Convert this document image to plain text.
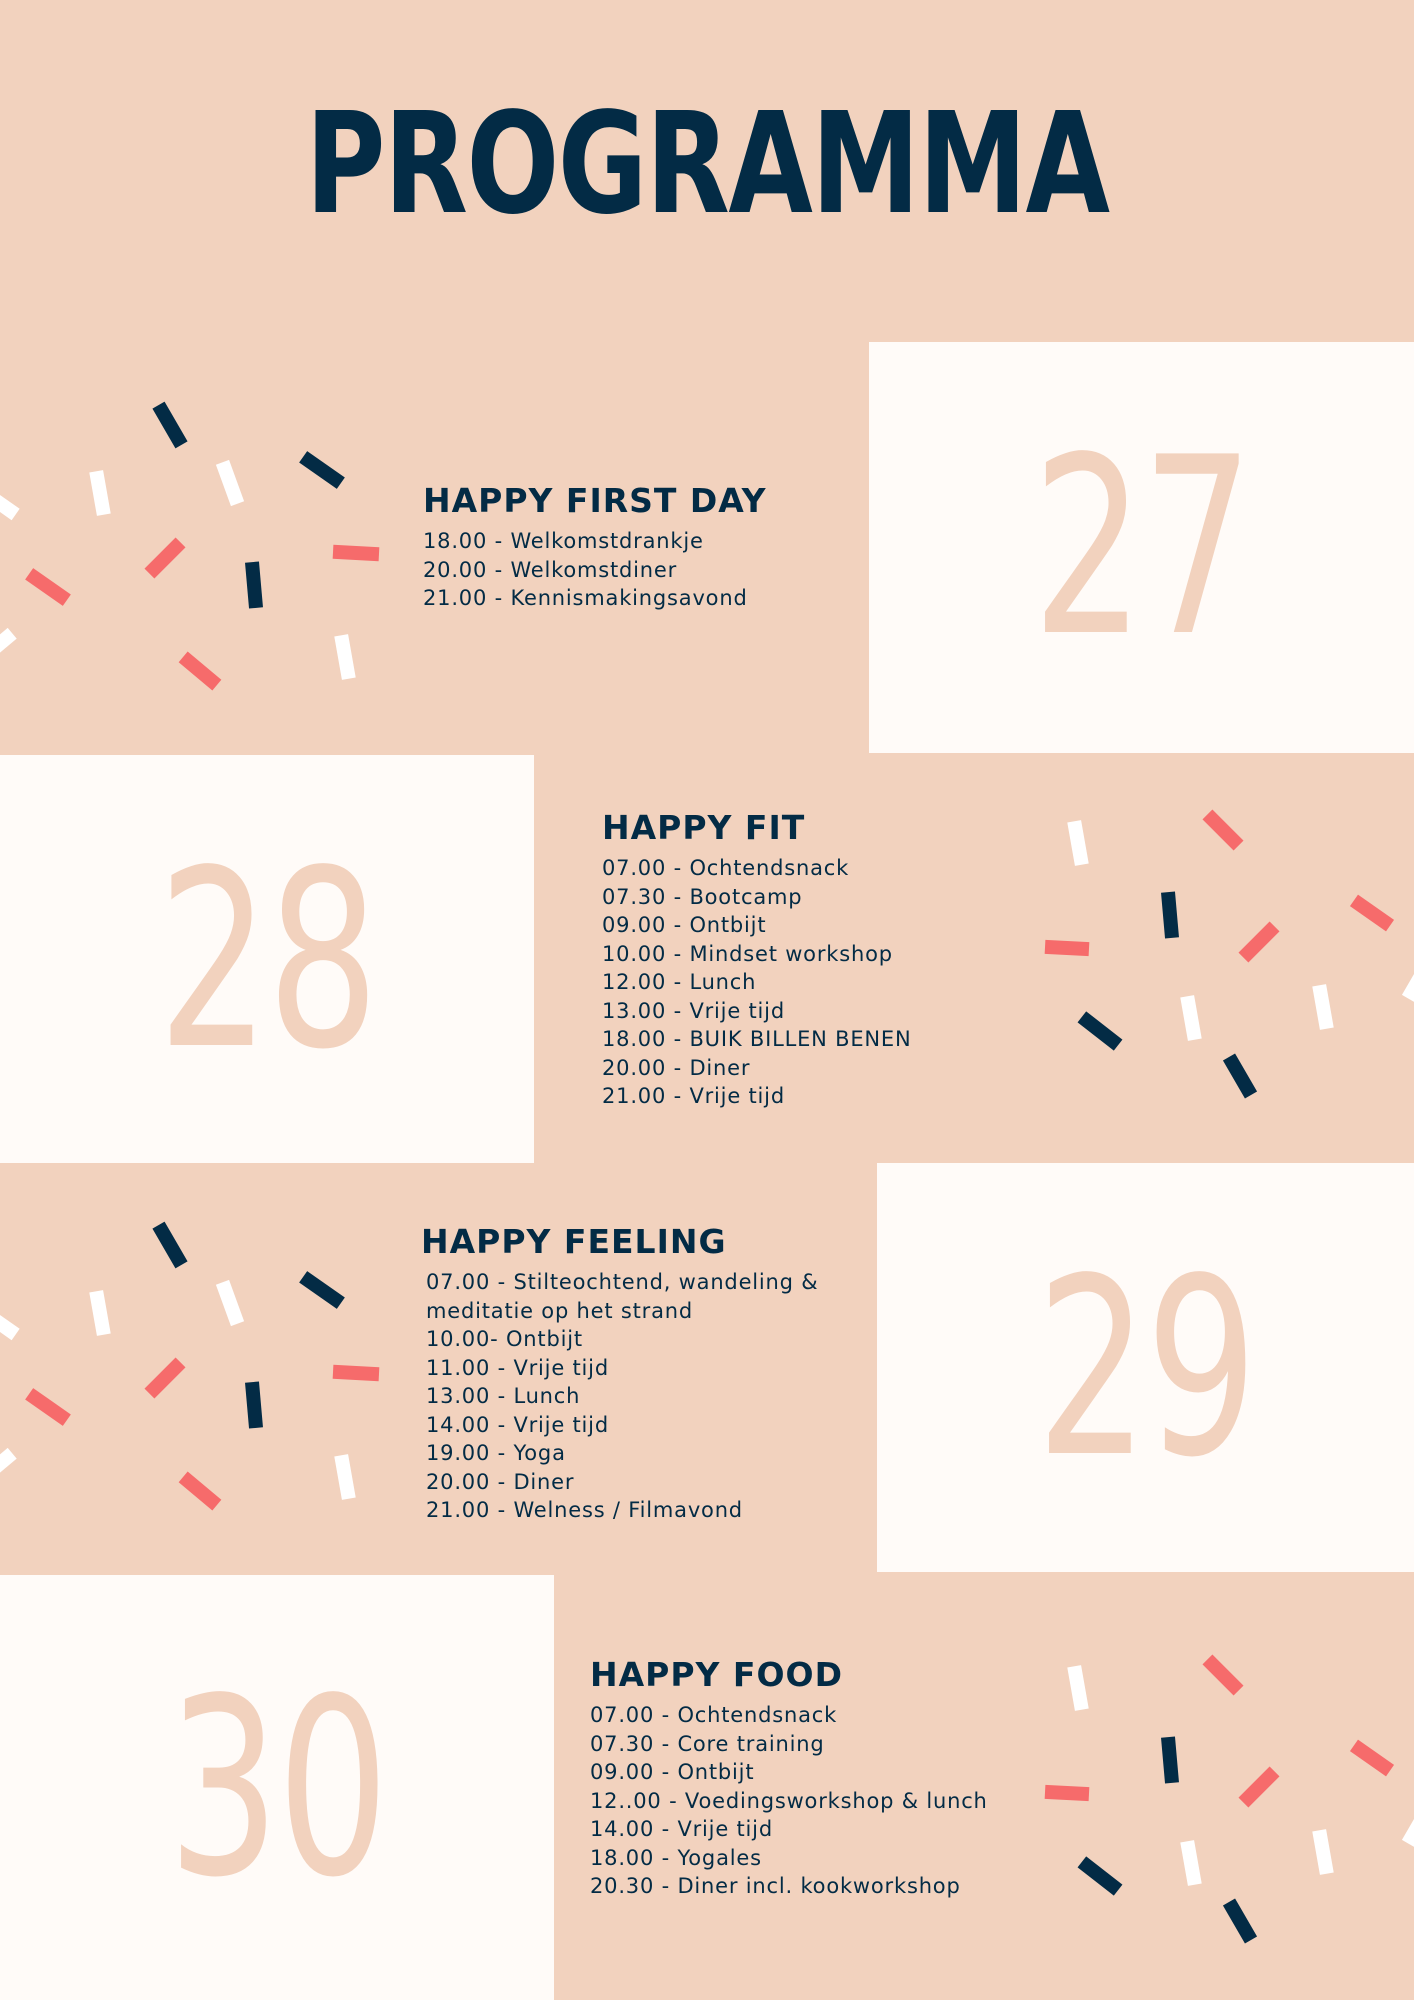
PROGRAMMA
27
HAPPY FIRST DAY
18.00 - Welkomstdrankje
20.00 - Welkomstdiner
21.00 - Kennismakingsavond
28	HAPPY FIT
07.00 - Ochtendsnack
07.30 - Bootcamp
09.00 - Ontbijt
10.00 - Mindset workshop
12.00 - Lunch
13.00 - Vrije tijd
18.00 - BUIK BILLEN BENEN
20.00 - Diner
21.00 - Vrije tijd
29
HAPPY FEELING
07.00 - Stilteochtend, wandeling &
meditatie op het strand
10.00- Ontbijt
11.00 - Vrije tijd
13.00 - Lunch
14.00 - Vrije tijd
19.00 - Yoga
20.00 - Diner
21.00 - Welness / Filmavond
30	HAPPY FOOD
07.00 - Ochtendsnack
07.30 - Core training
09.00 - Ontbijt
12..00 - Voedingsworkshop & lunch
14.00 - Vrije tijd
18.00 - Yogales
20.30 - Diner incl. kookworkshop
